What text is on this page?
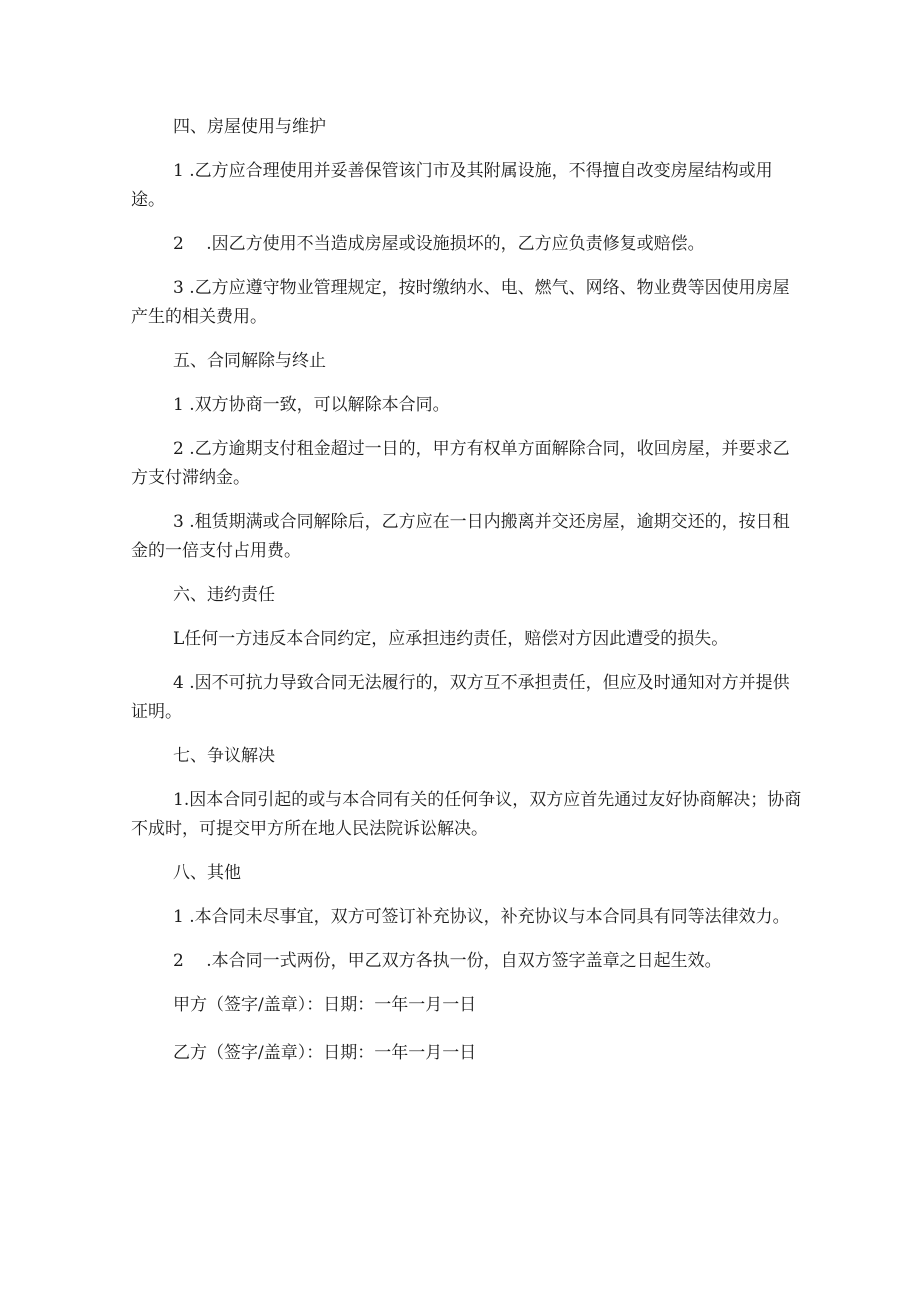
四、房屋使用与维护

1 .乙方应合理使用并妥善保管该门市及其附属设施，不得擅自改变房屋结构或用途。

2　 .因乙方使用不当造成房屋或设施损坏的，乙方应负责修复或赔偿。

3 .乙方应遵守物业管理规定，按时缴纳水、电、燃气、网络、物业费等因使用房屋产生的相关费用。

五、合同解除与终止

1 .双方协商一致，可以解除本合同。

2 .乙方逾期支付租金超过一日的，甲方有权单方面解除合同，收回房屋，并要求乙方支付滞纳金。

3 .租赁期满或合同解除后，乙方应在一日内搬离并交还房屋，逾期交还的，按日租金的一倍支付占用费。

六、违约责任

L任何一方违反本合同约定，应承担违约责任，赔偿对方因此遭受的损失。

4 .因不可抗力导致合同无法履行的，双方互不承担责任，但应及时通知对方并提供证明。

七、争议解决

1.因本合同引起的或与本合同有关的任何争议，双方应首先通过友好协商解决；协商不成时，可提交甲方所在地人民法院诉讼解决。

八、其他

1 .本合同未尽事宜，双方可签订补充协议，补充协议与本合同具有同等法律效力。

2　 .本合同一式两份，甲乙双方各执一份，自双方签字盖章之日起生效。

甲方（签字/盖章）：日期：一年一月一日

乙方（签字/盖章）：日期：一年一月一日
